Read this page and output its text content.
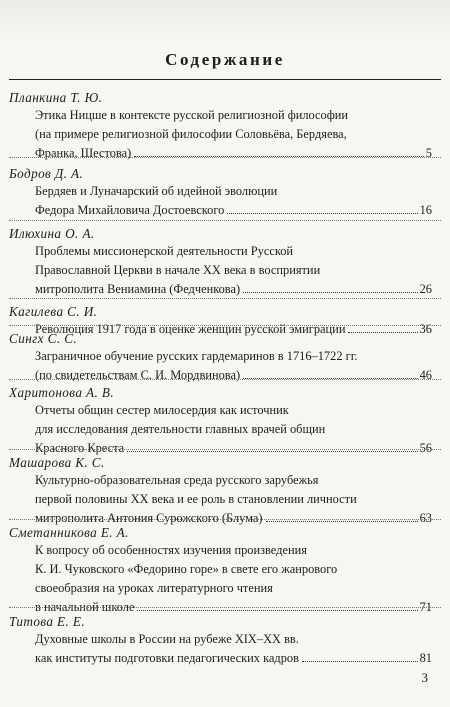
Содержание
Планкина Т. Ю.
Этика Ницше в контексте русской религиозной философии
(на примере религиозной философии Соловьёва, Бердяева,
Франка, Шестова)	5
Бодров Д. А.
Бердяев и Луначарский об идейной эволюции
Федора Михайловича Достоевского	16
Илюхина О. А.
Проблемы миссионерской деятельности Русской
Православной Церкви в начале XX века в восприятии
митрополита Вениамина (Федченкова)	26
Кагилева С. И.
Революция 1917 года в оценке женщин русской эмиграции	36
Сингх С. С.
Заграничное обучение русских гардемаринов в 1716–1722 гг.
(по свидетельствам С. И. Мордвинова)	46
Харитонова А. В.
Отчеты общин сестер милосердия как источник
для исследования деятельности главных врачей общин
Красного Креста	56
Машарова К. С.
Культурно-образовательная среда русского зарубежья
первой половины XX века и ее роль в становлении личности
митрополита Антония Сурожского (Блума)	63
Сметанникова Е. А.
К вопросу об особенностях изучения произведения
К. И. Чуковского «Федорино горе» в свете его жанрового
своеобразия на уроках литературного чтения
в начальной школе	71
Титова Е. Е.
Духовные школы в России на рубеже XIX–XX вв.
как институты подготовки педагогических кадров	81
3
